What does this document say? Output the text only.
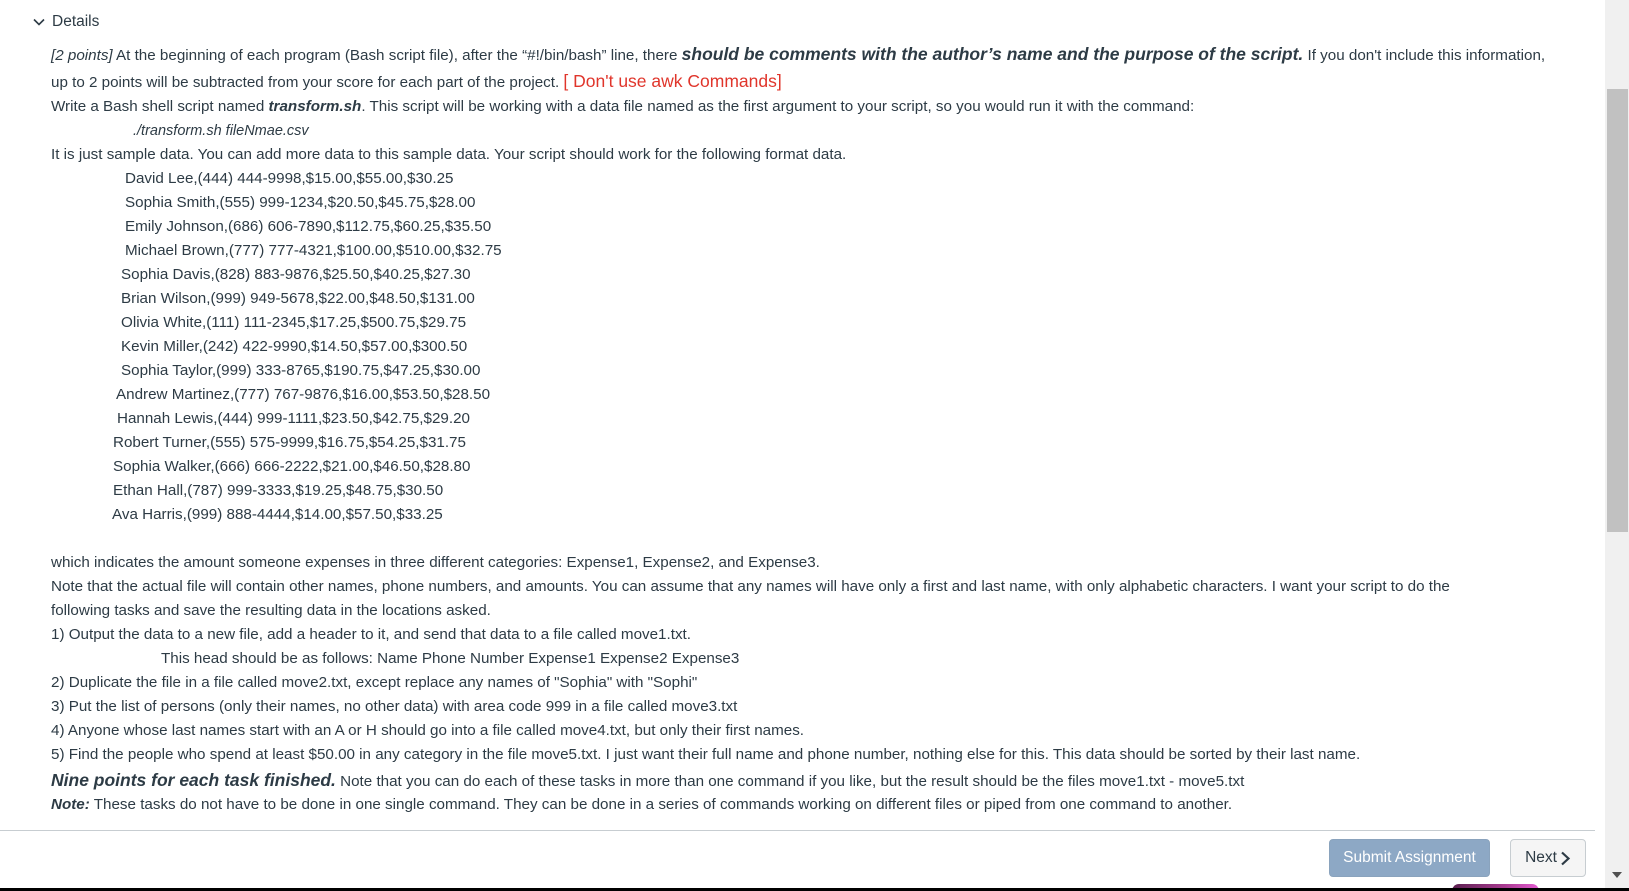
Details
[2 points] At the beginning of each program (Bash script file), after the “#!/bin/bash” line, there should be comments with the author’s name and the purpose of the script. If you don't include this information,
up to 2 points will be subtracted from your score for each part of the project. [ Don't use awk Commands]
Write a Bash shell script named transform.sh. This script will be working with a data file named as the first argument to your script, so you would run it with the command:
./transform.sh fileNmae.csv
It is just sample data. You can add more data to this sample data. Your script should work for the following format data.
David Lee,(444) 444-9998,$15.00,$55.00,$30.25
Sophia Smith,(555) 999-1234,$20.50,$45.75,$28.00
Emily Johnson,(686) 606-7890,$112.75,$60.25,$35.50
Michael Brown,(777) 777-4321,$100.00,$510.00,$32.75
Sophia Davis,(828) 883-9876,$25.50,$40.25,$27.30
Brian Wilson,(999) 949-5678,$22.00,$48.50,$131.00
Olivia White,(111) 111-2345,$17.25,$500.75,$29.75
Kevin Miller,(242) 422-9990,$14.50,$57.00,$300.50
Sophia Taylor,(999) 333-8765,$190.75,$47.25,$30.00
Andrew Martinez,(777) 767-9876,$16.00,$53.50,$28.50
Hannah Lewis,(444) 999-1111,$23.50,$42.75,$29.20
Robert Turner,(555) 575-9999,$16.75,$54.25,$31.75
Sophia Walker,(666) 666-2222,$21.00,$46.50,$28.80
Ethan Hall,(787) 999-3333,$19.25,$48.75,$30.50
Ava Harris,(999) 888-4444,$14.00,$57.50,$33.25
which indicates the amount someone expenses in three different categories: Expense1, Expense2, and Expense3.
Note that the actual file will contain other names, phone numbers, and amounts. You can assume that any names will have only a first and last name, with only alphabetic characters. I want your script to do the
following tasks and save the resulting data in the locations asked.
1) Output the data to a new file, add a header to it, and send that data to a file called move1.txt.
This head should be as follows: Name Phone Number Expense1 Expense2 Expense3
2) Duplicate the file in a file called move2.txt, except replace any names of "Sophia" with "Sophi"
3) Put the list of persons (only their names, no other data) with area code 999 in a file called move3.txt
4) Anyone whose last names start with an A or H should go into a file called move4.txt, but only their first names.
5) Find the people who spend at least $50.00 in any category in the file move5.txt. I just want their full name and phone number, nothing else for this. This data should be sorted by their last name.
Nine points for each task finished. Note that you can do each of these tasks in more than one command if you like, but the result should be the files move1.txt - move5.txt
Note: These tasks do not have to be done in one single command. They can be done in a series of commands working on different files or piped from one command to another.
Submit Assignment	Next
